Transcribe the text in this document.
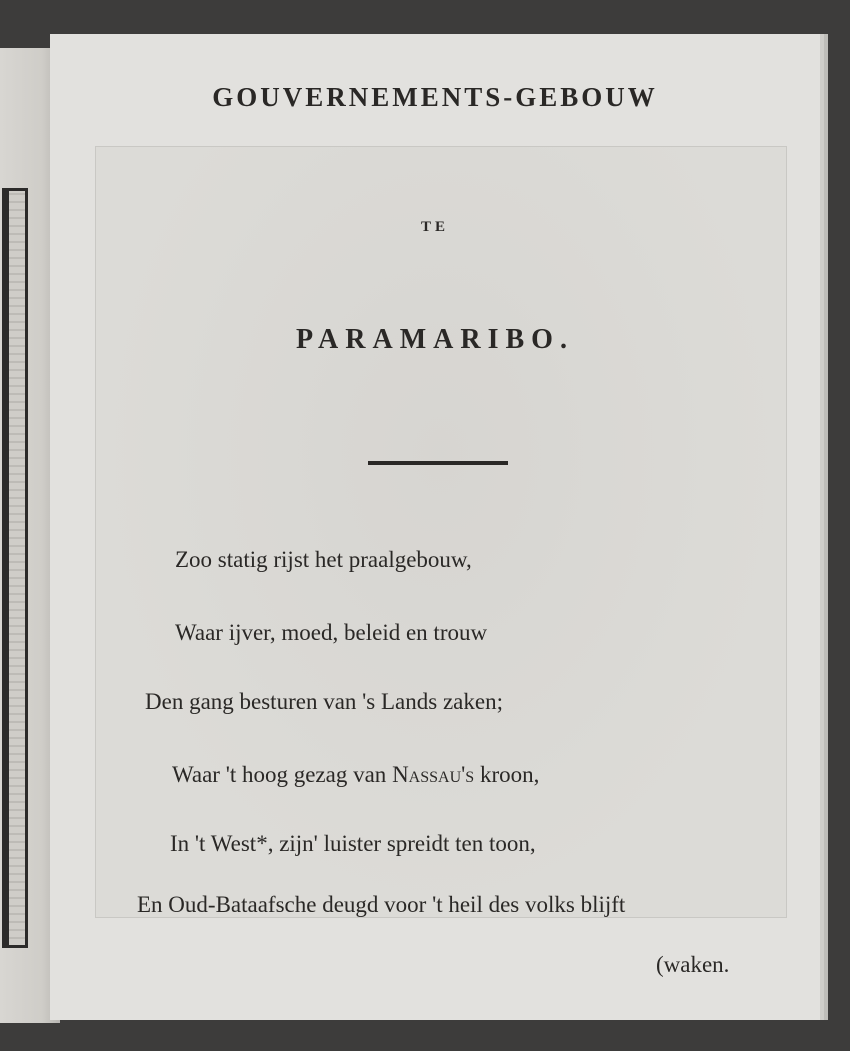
GOUVERNEMENTS-GEBOUW
TE
PARAMARIBO.
Zoo statig rijst het praalgebouw,
Waar ijver, moed, beleid en trouw
Den gang besturen van 's Lands zaken;
Waar 't hoog gezag van Nassau's kroon,
In 't West*, zijn' luister spreidt ten toon,
En Oud-Bataafsche deugd voor 't heil des volks blijft
(waken.
